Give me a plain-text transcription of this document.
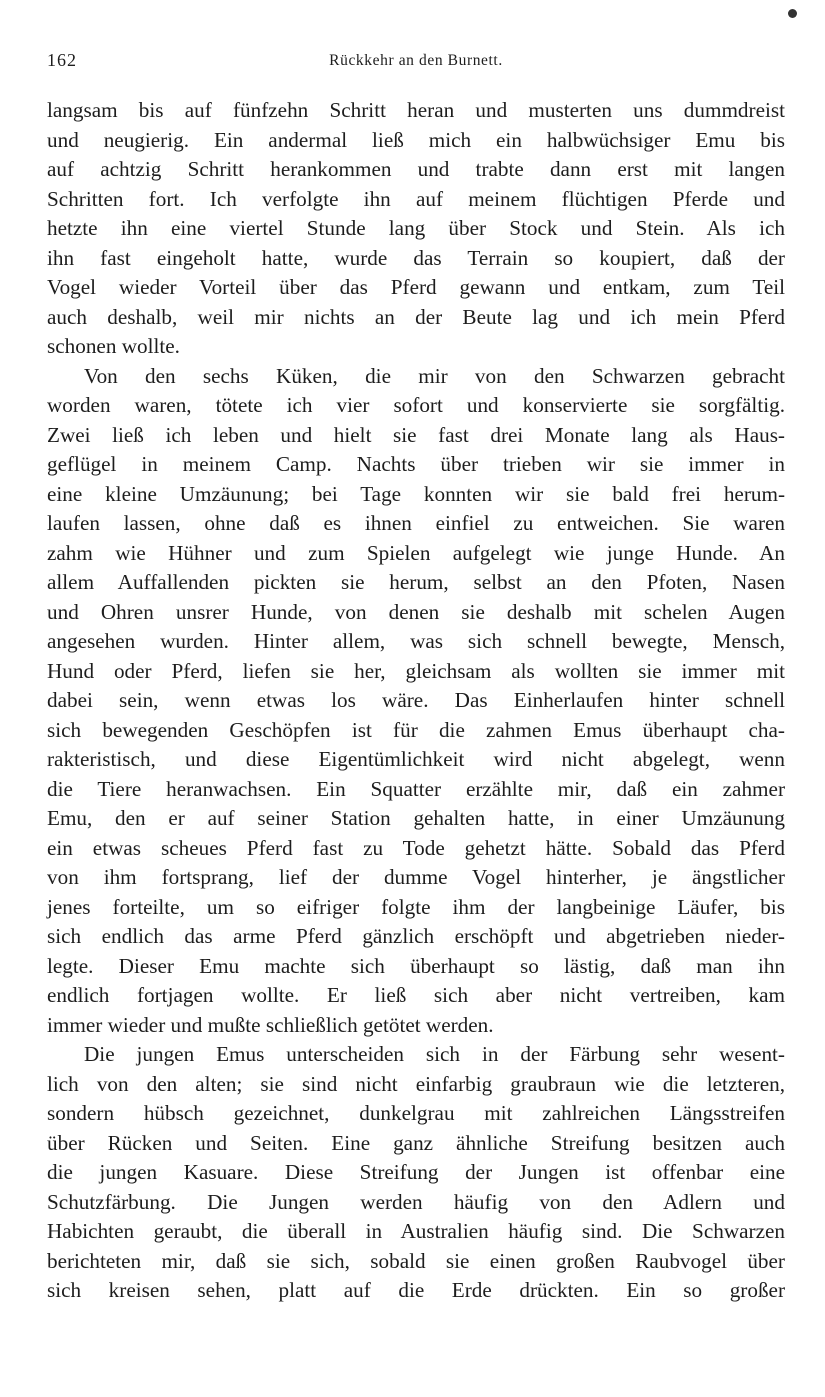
162	Rückkehr an den Burnett.
langsam bis auf fünfzehn Schritt heran und musterten uns dummdreist
und neugierig. Ein andermal ließ mich ein halbwüchsiger Emu bis
auf achtzig Schritt herankommen und trabte dann erst mit langen
Schritten fort. Ich verfolgte ihn auf meinem flüchtigen Pferde und
hetzte ihn eine viertel Stunde lang über Stock und Stein. Als ich
ihn fast eingeholt hatte, wurde das Terrain so koupiert, daß der
Vogel wieder Vorteil über das Pferd gewann und entkam, zum Teil
auch deshalb, weil mir nichts an der Beute lag und ich mein Pferd
schonen wollte.
Von den sechs Küken, die mir von den Schwarzen gebracht
worden waren, tötete ich vier sofort und konservierte sie sorgfältig.
Zwei ließ ich leben und hielt sie fast drei Monate lang als Haus-
geflügel in meinem Camp. Nachts über trieben wir sie immer in
eine kleine Umzäunung; bei Tage konnten wir sie bald frei herum-
laufen lassen, ohne daß es ihnen einfiel zu entweichen. Sie waren
zahm wie Hühner und zum Spielen aufgelegt wie junge Hunde. An
allem Auffallenden pickten sie herum, selbst an den Pfoten, Nasen
und Ohren unsrer Hunde, von denen sie deshalb mit schelen Augen
angesehen wurden. Hinter allem, was sich schnell bewegte, Mensch,
Hund oder Pferd, liefen sie her, gleichsam als wollten sie immer mit
dabei sein, wenn etwas los wäre. Das Einherlaufen hinter schnell
sich bewegenden Geschöpfen ist für die zahmen Emus überhaupt cha-
rakteristisch, und diese Eigentümlichkeit wird nicht abgelegt, wenn
die Tiere heranwachsen. Ein Squatter erzählte mir, daß ein zahmer
Emu, den er auf seiner Station gehalten hatte, in einer Umzäunung
ein etwas scheues Pferd fast zu Tode gehetzt hätte. Sobald das Pferd
von ihm fortsprang, lief der dumme Vogel hinterher, je ängstlicher
jenes forteilte, um so eifriger folgte ihm der langbeinige Läufer, bis
sich endlich das arme Pferd gänzlich erschöpft und abgetrieben nieder-
legte. Dieser Emu machte sich überhaupt so lästig, daß man ihn
endlich fortjagen wollte. Er ließ sich aber nicht vertreiben, kam
immer wieder und mußte schließlich getötet werden.
Die jungen Emus unterscheiden sich in der Färbung sehr wesent-
lich von den alten; sie sind nicht einfarbig graubraun wie die letzteren,
sondern hübsch gezeichnet, dunkelgrau mit zahlreichen Längsstreifen
über Rücken und Seiten. Eine ganz ähnliche Streifung besitzen auch
die jungen Kasuare. Diese Streifung der Jungen ist offenbar eine
Schutzfärbung. Die Jungen werden häufig von den Adlern und
Habichten geraubt, die überall in Australien häufig sind. Die Schwarzen
berichteten mir, daß sie sich, sobald sie einen großen Raubvogel über
sich kreisen sehen, platt auf die Erde drückten. Ein so großer
